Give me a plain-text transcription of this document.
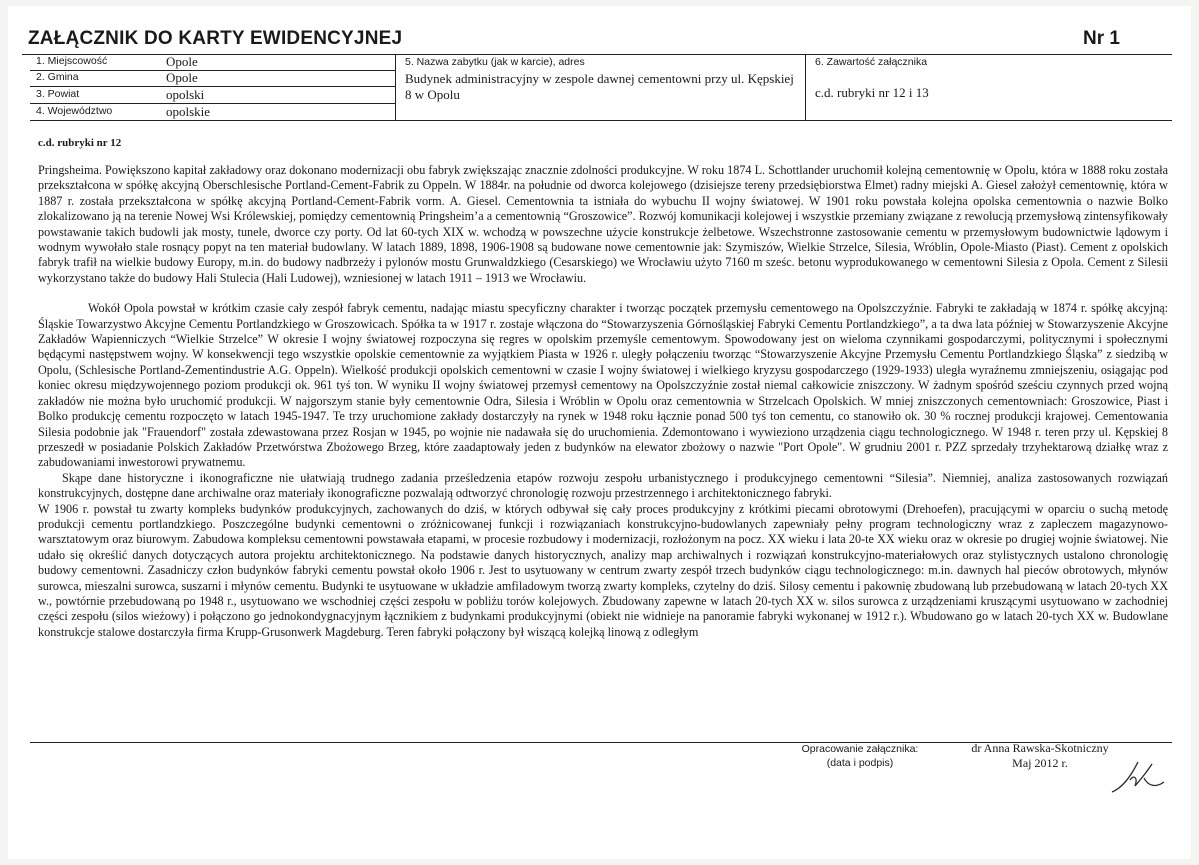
ZAŁĄCZNIK DO KARTY EWIDENCYJNEJ	Nr 1
1. Miejscowość	Opole
2. Gmina	Opole
3. Powiat	opolski
4. Województwo	opolskie
5. Nazwa zabytku (jak w karcie), adres
Budynek administracyjny w zespole dawnej cementowni przy ul. Kępskiej 8 w Opolu
6. Zawartość załącznika
c.d. rubryki nr 12 i 13
c.d. rubryki nr 12

Pringsheima. Powiększono kapitał zakładowy oraz dokonano modernizacji obu fabryk zwiększając znacznie zdolności produkcyjne. W roku 1874 L. Schottlander uruchomił kolejną cementownię w Opolu, która w 1888 roku została przekształcona w spółkę akcyjną Oberschlesische Portland-Cement-Fabrik zu Oppeln. W 1884r. na południe od dworca kolejowego (dzisiejsze tereny przedsiębiorstwa Elmet) radny miejski A. Giesel założył cementownię, która w 1887 r. została przekształcona w spółkę akcyjną Portland-Cement-Fabrik vorm. A. Giesel. Cementownia ta istniała do wybuchu II wojny światowej. W 1901 roku powstała kolejna opolska cementownia o nazwie Bolko zlokalizowano ją na terenie Nowej Wsi Królewskiej, pomiędzy cementownią Pringsheim’a a cementownią “Groszowice”. Rozwój komunikacji kolejowej i wszystkie przemiany związane z rewolucją przemysłową zintensyfikowały powstawanie takich budowli jak mosty, tunele, dworce czy porty. Od lat 60-tych XIX w. wchodzą w powszechne użycie konstrukcje żelbetowe. Wszechstronne zastosowanie cementu w przemysłowym budownictwie lądowym i wodnym wywołało stale rosnący popyt na ten materiał budowlany. W latach 1889, 1898, 1906-1908 są budowane nowe cementownie jak: Szymiszów, Wielkie Strzelce, Silesia, Wróblin, Opole-Miasto (Piast). Cement z opolskich fabryk trafił na wielkie budowy Europy, m.in. do budowy nadbrzeży i pylonów mostu Grunwaldzkiego (Cesarskiego) we Wrocławiu użyto 7160 m sześc. betonu wyprodukowanego w cementowni Silesia z Opola. Cement z Silesii wykorzystano także do budowy Hali Stulecia (Hali Ludowej), wzniesionej w latach 1911 – 1913 we Wrocławiu.

Wokół Opola powstał w krótkim czasie cały zespół fabryk cementu, nadając miastu specyficzny charakter i tworząc początek przemysłu cementowego na Opolszczyźnie. Fabryki te zakładają w 1874 r. spółkę akcyjną: Śląskie Towarzystwo Akcyjne Cementu Portlandzkiego w Groszowicach. Spółka ta w 1917 r. zostaje włączona do “Stowarzyszenia Górnośląskiej Fabryki Cementu Portlandzkiego”, a ta dwa lata później w Stowarzyszenie Akcyjne Zakładów Wapienniczych “Wielkie Strzelce” W okresie I wojny światowej rozpoczyna się regres w opolskim przemyśle cementowym. Spowodowany jest on wieloma czynnikami gospodarczymi, politycznymi i społecznymi będącymi następstwem wojny. W konsekwencji tego wszystkie opolskie cementownie za wyjątkiem Piasta w 1926 r. uległy połączeniu tworząc “Stowarzyszenie Akcyjne Przemysłu Cementu Portlandzkiego Śląska” z siedzibą w Opolu, (Schlesische Portland-Zementindustrie A.G. Oppeln). Wielkość produkcji opolskich cementowni w czasie I wojny światowej i wielkiego kryzysu gospodarczego (1929-1933) uległa wyraźnemu zmniejszeniu, osiągając pod koniec okresu międzywojennego poziom produkcji ok. 961 tyś ton. W wyniku II wojny światowej przemysł cementowy na Opolszczyźnie został niemal całkowicie zniszczony. W żadnym spośród sześciu czynnych przed wojną zakładów nie można było uruchomić produkcji. W najgorszym stanie były cementownie Odra, Silesia i Wróblin w Opolu oraz cementownia w Strzelcach Opolskich. W mniej zniszczonych cementowniach: Groszowice, Piast i Bolko produkcję cementu rozpoczęto w latach 1945-1947. Te trzy uruchomione zakłady dostarczyły na rynek w 1948 roku łącznie ponad 500 tyś ton cementu, co stanowiło ok. 30 % rocznej produkcji krajowej. Cementowania Silesia podobnie jak "Frauendorf" została zdewastowana przez Rosjan w 1945, po wojnie nie nadawała się do uruchomienia. Zdemontowano i wywieziono urządzenia ciągu technologicznego. W 1948 r. teren przy ul. Kępskiej 8 przeszedł w posiadanie Polskich Zakładów Przetwórstwa Zbożowego Brzeg, które zaadaptowały jeden z budynków na elewator zbożowy o nazwie "Port Opole". W grudniu 2001 r. PZZ sprzedały trzyhektarową działkę wraz z zabudowaniami inwestorowi prywatnemu.

Skąpe dane historyczne i ikonograficzne nie ułatwiają trudnego zadania prześledzenia etapów rozwoju zespołu urbanistycznego i produkcyjnego cementowni “Silesia”. Niemniej, analiza zastosowanych rozwiązań konstrukcyjnych, dostępne dane archiwalne oraz materiały ikonograficzne pozwalają odtworzyć chronologię rozwoju przestrzennego i architektonicznego fabryki.

W 1906 r. powstał tu zwarty kompleks budynków produkcyjnych, zachowanych do dziś, w których odbywał się cały proces produkcyjny z krótkimi piecami obrotowymi (Drehoefen), pracującymi w oparciu o suchą metodę produkcji cementu portlandzkiego. Poszczególne budynki cementowni o zróżnicowanej funkcji i rozwiązaniach konstrukcyjno-budowlanych zapewniały pełny program technologiczny wraz z zapleczem magazynowo-warsztatowym oraz biurowym. Zabudowa kompleksu cementowni powstawała etapami, w procesie rozbudowy i modernizacji, rozłożonym na pocz. XX wieku i lata 20-te XX wieku oraz w okresie po drugiej wojnie światowej. Nie udało się określić danych dotyczących autora projektu architektonicznego. Na podstawie danych historycznych, analizy map archiwalnych i rozwiązań konstrukcyjno-materiałowych oraz stylistycznych ustalono chronologię budowy cementowni. Zasadniczy człon budynków fabryki cementu powstał około 1906 r. Jest to usytuowany w centrum zwarty zespół trzech budynków ciągu technologicznego: m.in. dawnych hal pieców obrotowych, młynów surowca, mieszalni surowca, suszarni i młynów cementu. Budynki te usytuowane w układzie amfiladowym tworzą zwarty kompleks, czytelny do dziś. Silosy cementu i pakownię zbudowaną lub przebudowaną w latach 20-tych XX w., powtórnie przebudowaną po 1948 r., usytuowano we wschodniej części zespołu w pobliżu torów kolejowych. Zbudowany zapewne w latach 20-tych XX w. silos surowca z urządzeniami kruszącymi usytuowano w zachodniej części zespołu (silos wieżowy) i połączono go jednokondygnacyjnym łącznikiem z budynkami produkcyjnymi (obiekt nie widnieje na panoramie fabryki wykonanej w 1912 r.). Wbudowano go w latach 20-tych XX w. Budowlane konstrukcje stalowe dostarczyła firma Krupp-Grusonwerk Magdeburg. Teren fabryki połączony był wiszącą kolejką linową z odległym

Opracowanie załącznika:
(data i podpis)
dr Anna Rawska-Skotniczny
Maj 2012 r.
